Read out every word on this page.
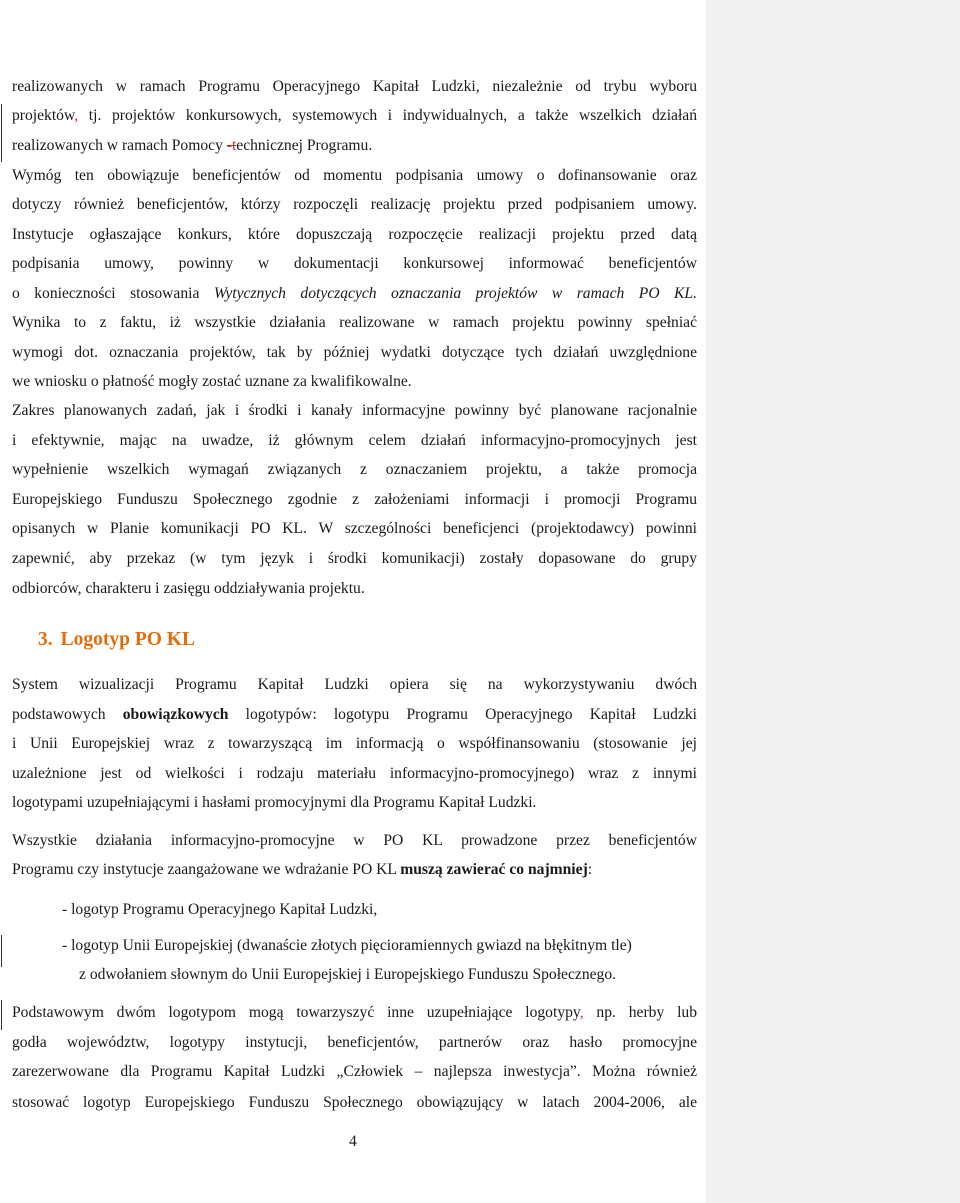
realizowanych w ramach Programu Operacyjnego Kapitał Ludzki, niezależnie od trybu wyboru
projektów, tj. projektów konkursowych, systemowych i indywidualnych, a także wszelkich działań
realizowanych w ramach Pomocy -technicznej Programu.
Wymóg ten obowiązuje beneficjentów od momentu podpisania umowy o dofinansowanie oraz
dotyczy również beneficjentów, którzy rozpoczęli realizację projektu przed podpisaniem umowy.
Instytucje ogłaszające konkurs, które dopuszczają rozpoczęcie realizacji projektu przed datą
podpisania umowy, powinny w dokumentacji konkursowej informować beneficjentów
o konieczności stosowania Wytycznych dotyczących oznaczania projektów w ramach PO KL.
Wynika to z faktu, iż wszystkie działania realizowane w ramach projektu powinny spełniać
wymogi dot. oznaczania projektów, tak by później wydatki dotyczące tych działań uwzględnione
we wniosku o płatność mogły zostać uznane za kwalifikowalne.
Zakres planowanych zadań, jak i środki i kanały informacyjne powinny być planowane racjonalnie
i efektywnie, mając na uwadze, iż głównym celem działań informacyjno-promocyjnych jest
wypełnienie wszelkich wymagań związanych z oznaczaniem projektu, a także promocja
Europejskiego Funduszu Społecznego zgodnie z założeniami informacji i promocji Programu
opisanych w Planie komunikacji PO KL. W szczególności beneficjenci (projektodawcy) powinni
zapewnić, aby przekaz (w tym język i środki komunikacji) zostały dopasowane do grupy
odbiorców, charakteru i zasięgu oddziaływania projektu.
3. Logotyp PO KL
System wizualizacji Programu Kapitał Ludzki opiera się na wykorzystywaniu dwóch
podstawowych obowiązkowych logotypów: logotypu Programu Operacyjnego Kapitał Ludzki
i Unii Europejskiej wraz z towarzyszącą im informacją o współfinansowaniu (stosowanie jej
uzależnione jest od wielkości i rodzaju materiału informacyjno-promocyjnego) wraz z innymi
logotypami uzupełniającymi i hasłami promocyjnymi dla Programu Kapitał Ludzki.
Wszystkie działania informacyjno-promocyjne w PO KL prowadzone przez beneficjentów
Programu czy instytucje zaangażowane we wdrażanie PO KL muszą zawierać co najmniej:
- logotyp Programu Operacyjnego Kapitał Ludzki,
- logotyp Unii Europejskiej (dwanaście złotych pięcioramiennych gwiazd na błękitnym tle)
z odwołaniem słownym do Unii Europejskiej i Europejskiego Funduszu Społecznego.
Podstawowym dwóm logotypom mogą towarzyszyć inne uzupełniające logotypy, np. herby lub
godła województw, logotypy instytucji, beneficjentów, partnerów oraz hasło promocyjne
zarezerwowane dla Programu Kapitał Ludzki „Człowiek – najlepsza inwestycja”. Można również
stosować logotyp Europejskiego Funduszu Społecznego obowiązujący w latach 2004-2006, ale
4
